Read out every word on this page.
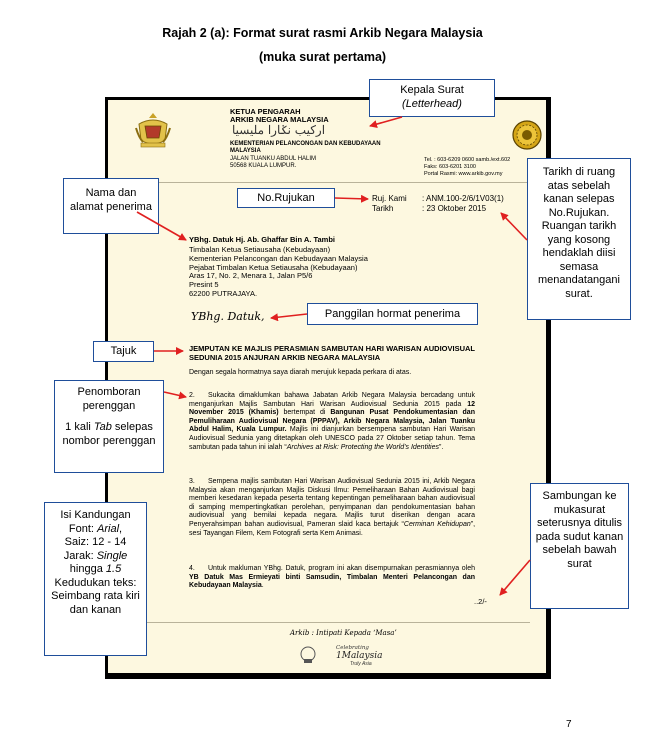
Rajah 2 (a): Format surat rasmi Arkib Negara Malaysia
(muka surat pertama)
KETUA PENGARAH
ARKIB NEGARA MALAYSIA
ارکيب نݢارا مليسيا
KEMENTERIAN PELANCONGAN DAN KEBUDAYAAN
MALAYSIA
JALAN TUANKU ABDUL HALIM
50568 KUALA LUMPUR.
Tel. : 603-6209 0600 samb./ext.602
Faks: 603-6201 3100
Portal Rasmi: www.arkib.gov.my
Ruj. Kami : ANM.100-2/6/1V03(1)
Tarikh	: 23 Oktober 2015
YBhg. Datuk Hj. Ab. Ghaffar Bin A. Tambi
Timbalan Ketua Setiausaha (Kebudayaan)
Kementerian Pelancongan dan Kebudayaan Malaysia
Pejabat Timbalan Ketua Setiausaha (Kebudayaan)
Aras 17, No. 2, Menara 1, Jalan P5/6
Presint 5
62200 PUTRAJAYA.
YBhg. Datuk,
JEMPUTAN KE MAJLIS PERASMIAN SAMBUTAN HARI WARISAN AUDIOVISUAL SEDUNIA 2015 ANJURAN ARKIB NEGARA MALAYSIA
Dengan segala hormatnya saya diarah merujuk kepada perkara di atas.
2.	Sukacita dimaklumkan bahawa Jabatan Arkib Negara Malaysia bercadang untuk menganjurkan Majlis Sambutan Hari Warisan Audiovisual Sedunia 2015 pada 12 November 2015 (Khamis) bertempat di Bangunan Pusat Pendokumentasian dan Pemuliharaan Audiovisual Negara (PPPAV), Arkib Negara Malaysia, Jalan Tuanku Abdul Halim, Kuala Lumpur. Majlis ini dianjurkan bersempena sambutan Hari Warisan Audiovisual Sedunia yang ditetapkan oleh UNESCO pada 27 Oktober setiap tahun. Tema sambutan pada tahun ini ialah “Archives at Risk: Protecting the World's Identities”.
3.	Sempena majlis sambutan Hari Warisan Audiovisual Sedunia 2015 ini, Arkib Negara Malaysia akan menganjurkan Majlis Diskusi Ilmu: Pemeliharaan Bahan Audiovisual bagi memberi kesedaran kepada peserta tentang kepentingan pemeliharaan bahan audiovisual di samping mempertingkatkan perolehan, penyimpanan dan pendokumentasian bahan audiovisual yang bernilai kepada negara. Majlis turut diserikan dengan acara Penyerahsimpan bahan audiovisual, Pameran slaid kaca bertajuk “Cerminan Kehidupan”, sesi Tayangan Filem, Kem Fotografi serta Kem Animasi.
4.	Untuk makluman YBhg. Datuk, program ini akan disempurnakan perasmiannya oleh YB Datuk Mas Ermieyati binti Samsudin, Timbalan Menteri Pelancongan dan Kebudayaan Malaysia.
..2/-
Arkib : Intipati Kepada ‘Masa’
Celebrating
1Malaysia
Truly Asia
Kepala Surat
(Letterhead)
Nama dan alamat penerima
No.Rujukan
Tarikh di ruang atas sebelah kanan selepas No.Rujukan. Ruangan tarikh yang kosong hendaklah diisi semasa menandatangani surat.
Panggilan hormat penerima
Tajuk
Penomboran perenggan
1 kali Tab selepas nombor perenggan
Isi Kandungan
Font: Arial,
Saiz: 12 - 14
Jarak: Single
hingga 1.5
Kedudukan teks: Seimbang rata kiri dan kanan
Sambungan ke mukasurat seterusnya ditulis pada sudut kanan sebelah bawah surat
7
